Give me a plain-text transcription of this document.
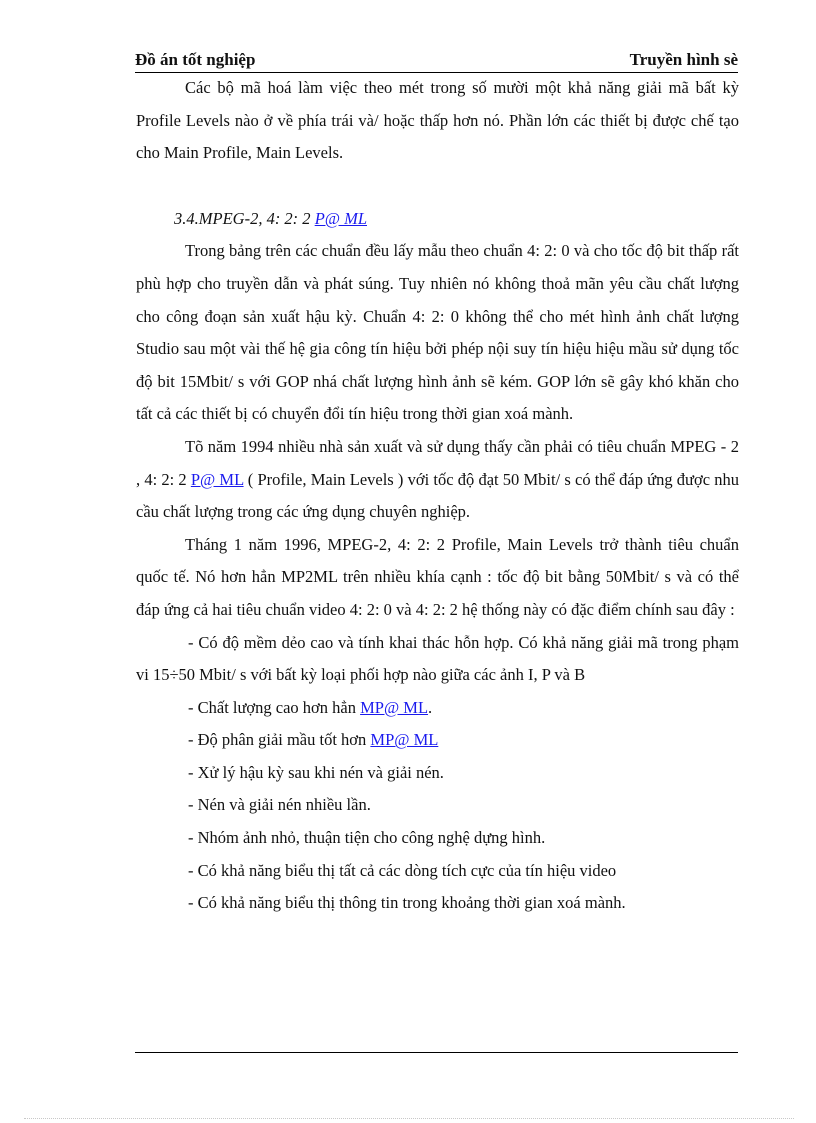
Đồ án tốt nghiệp	Truyền hình sè

Các bộ mã hoá làm việc theo mét trong số mười một khả năng giải mã bất kỳ Profile Levels nào ở về phía trái và/ hoặc thấp hơn nó. Phần lớn các thiết bị được chế tạo cho Main Profile, Main Levels.

3.4.MPEG-2, 4: 2: 2 P@ ML

Trong bảng trên các chuẩn đều lấy mẫu theo chuẩn 4: 2: 0 và cho tốc độ bit thấp rất phù hợp cho truyền dẫn và phát súng. Tuy nhiên nó không thoả mãn yêu cầu chất lượng cho công đoạn sản xuất hậu kỳ. Chuẩn 4: 2: 0 không thể cho mét hình ảnh chất lượng Studio sau một vài thế hệ gia công tín hiệu bởi phép nội suy tín hiệu hiệu mầu sử dụng tốc độ bit 15Mbit/ s với GOP nhá chất lượng hình ảnh sẽ kém. GOP lớn sẽ gây khó khăn cho tất cả các thiết bị có chuyển đổi tín hiệu trong thời gian xoá mành.

Tõ năm 1994 nhiều nhà sản xuất và sử dụng thấy cần phải có tiêu chuẩn MPEG - 2 , 4: 2: 2 P@ ML ( Profile, Main Levels ) với tốc độ đạt 50 Mbit/ s có thể đáp ứng được nhu cầu chất lượng trong các ứng dụng chuyên nghiệp.

Tháng 1 năm 1996, MPEG-2, 4: 2: 2 Profile, Main Levels trở thành tiêu chuẩn quốc tế. Nó hơn hẳn MP2ML trên nhiều khía cạnh : tốc độ bit bằng 50Mbit/ s và có thể đáp ứng cả hai tiêu chuẩn video 4: 2: 0 và 4: 2: 2 hệ thống này có đặc điểm chính sau đây :

- Có độ mềm dẻo cao và tính khai thác hỗn hợp. Có khả năng giải mã trong phạm vi 15÷50 Mbit/ s với bất kỳ loại phối hợp nào giữa các ảnh I, P và B

- Chất lượng cao hơn hẳn MP@ ML.

- Độ phân giải mầu tốt hơn MP@ ML

- Xử lý hậu kỳ sau khi nén và giải nén.

- Nén và giải nén nhiều lần.

- Nhóm ảnh nhỏ, thuận tiện cho công nghệ dựng hình.

- Có khả năng biểu thị tất cả các dòng tích cực của tín hiệu video

- Có khả năng biểu thị thông tin trong khoảng thời gian xoá mành.
